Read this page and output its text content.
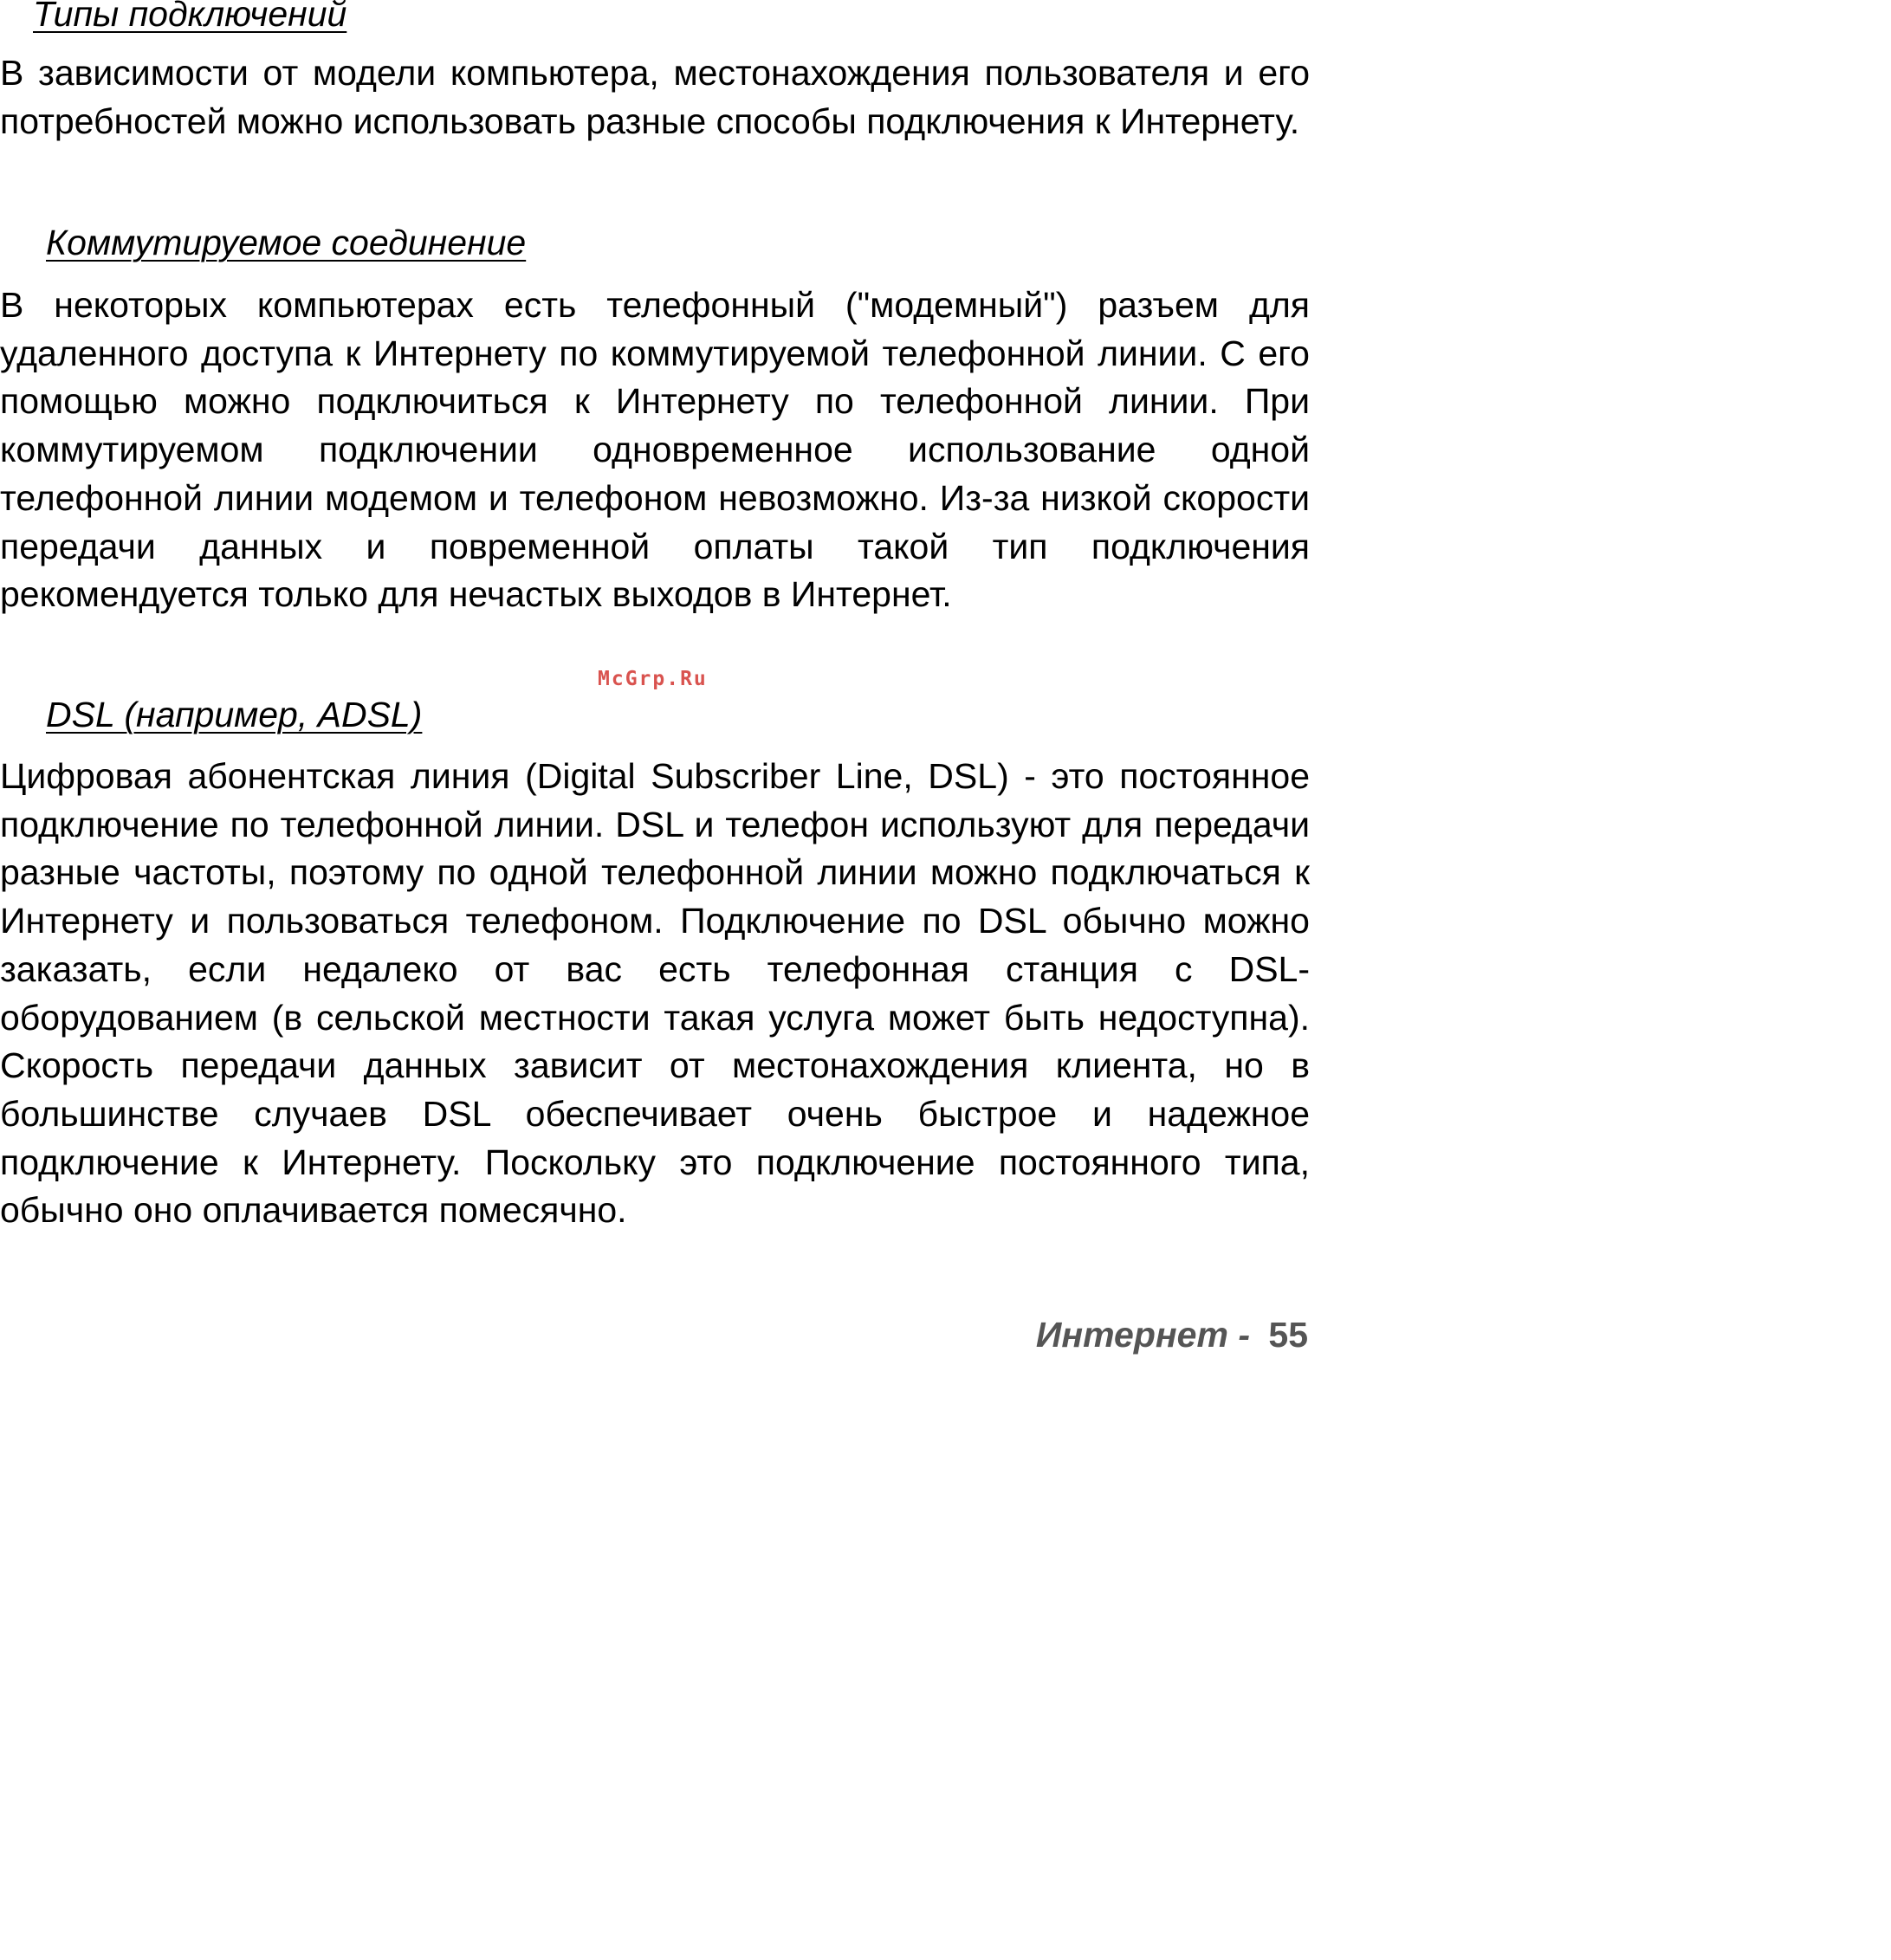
Типы подключений

В зависимости от модели компьютера, местонахождения пользователя и его потребностей можно использовать разные способы подключения к Интернету.

Коммутируемое соединение

В некоторых компьютерах есть телефонный ("модемный") разъем для удаленного доступа к Интернету по коммутируемой телефонной линии. С его помощью можно подключиться к Интернету по телефонной линии. При коммутируемом подключении одновременное использование одной телефонной линии модемом и телефоном невозможно. Из-за низкой скорости передачи данных и повременной оплаты такой тип подключения рекомендуется только для нечастых выходов в Интернет.

McGrp.Ru
DSL (например, ADSL)

Цифровая абонентская линия (Digital Subscriber Line, DSL) - это постоянное подключение по телефонной линии. DSL и телефон используют для передачи разные частоты, поэтому по одной телефонной линии можно подключаться к Интернету и пользоваться телефоном. Подключение по DSL обычно можно заказать, если недалеко от вас есть телефонная станция с DSL-оборудованием (в сельской местности такая услуга может быть недоступна). Скорость передачи данных зависит от местонахождения клиента, но в большинстве случаев DSL обеспечивает очень быстрое и надежное подключение к Интернету. Поскольку это подключение постоянного типа, обычно оно оплачивается помесячно.

Интернет - 55
